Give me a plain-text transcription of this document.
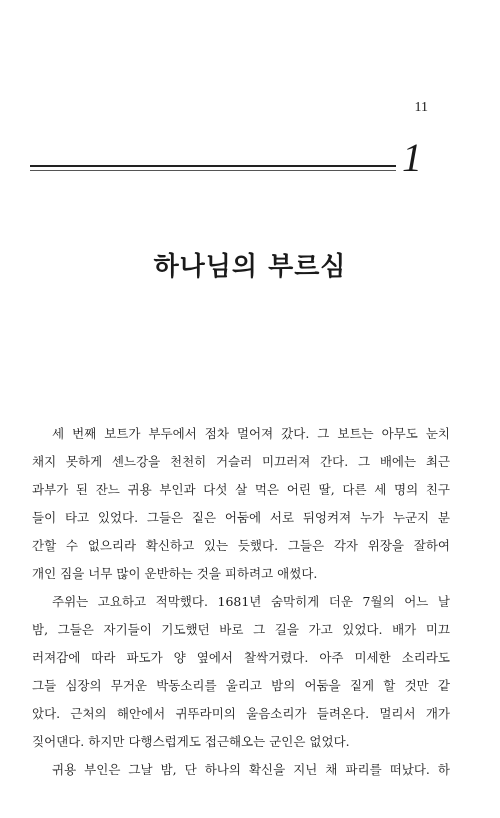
11
1
하나님의 부르심
세 번째 보트가 부두에서 점차 멀어져 갔다. 그 보트는 아무도 눈치
채지 못하게 센느강을 천천히 거슬러 미끄러져 간다. 그 배에는 최근
과부가 된 잔느 귀용 부인과 다섯 살 먹은 어린 딸, 다른 세 명의 친구
들이 타고 있었다. 그들은 짙은 어둠에 서로 뒤엉켜져 누가 누군지 분
간할 수 없으리라 확신하고 있는 듯했다. 그들은 각자 위장을 잘하여
개인 짐을 너무 많이 운반하는 것을 피하려고 애썼다.
주위는 고요하고 적막했다. 1681년 숨막히게 더운 7월의 어느 날
밤, 그들은 자기들이 기도했던 바로 그 길을 가고 있었다. 배가 미끄
러져감에 따라 파도가 양 옆에서 찰싹거렸다. 아주 미세한 소리라도
그들 심장의 무거운 박동소리를 울리고 밤의 어둠을 짙게 할 것만 같
았다. 근처의 해안에서 귀뚜라미의 울음소리가 들려온다. 멀리서 개가
짖어댄다. 하지만 다행스럽게도 접근해오는 군인은 없었다.
귀용 부인은 그날 밤, 단 하나의 확신을 지닌 채 파리를 떠났다. 하
